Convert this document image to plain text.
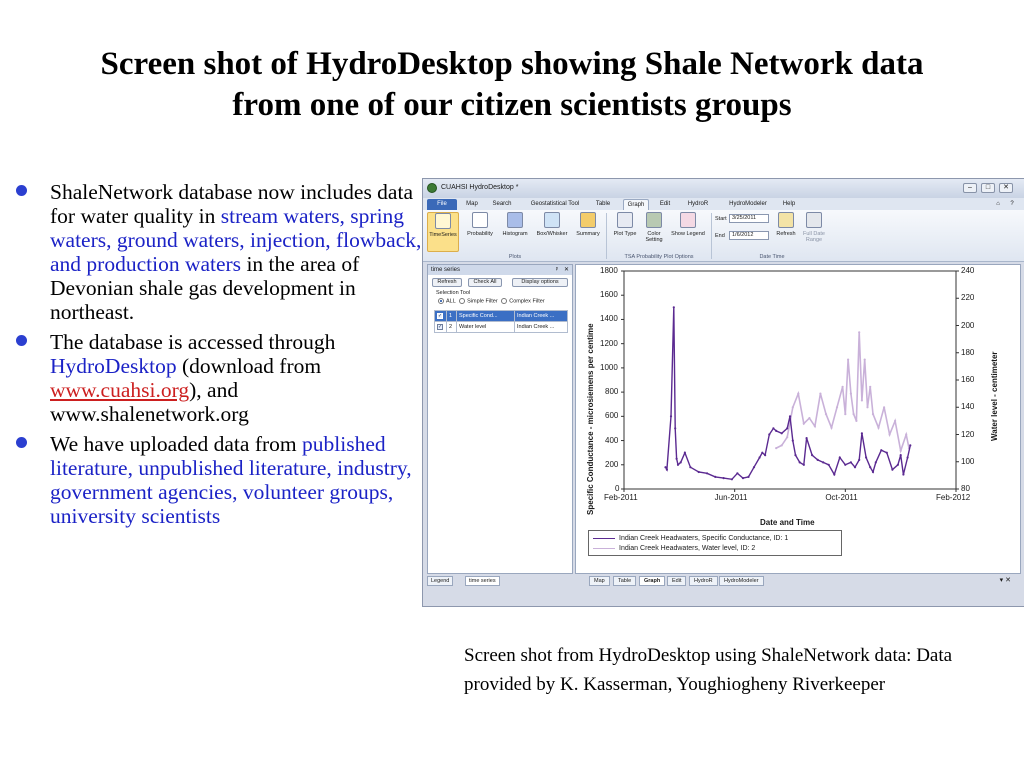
Screen shot of HydroDesktop showing Shale Network data
from one of our citizen scientists groups
ShaleNetwork database now includes data for water quality in stream waters, spring waters, ground waters, injection, flowback, and production waters in the area of Devonian shale gas development in northeast.
The database is accessed through HydroDesktop (download from www.cuahsi.org), and www.shalenetwork.org
We have uploaded data from published literature, unpublished literature, industry, government agencies, volunteer groups, university scientists
Screen shot from HydroDesktop using ShaleNetwork data: Data provided by K. Kasserman, Youghiogheny Riverkeeper
CUAHSI HydroDesktop *	–	□	✕
File	Map	Search	Geostatistical Tool	Table	Graph	Edit	HydroR	HydroModeler	Help	⌂	?
TimeSeries	Probability	Histogram	Box/Whisker	Summary
Plots
Plot Type	Color Setting
Show Legend
TSA Probability Plot Options
Start 3/25/2011
End	1/6/2012	Refresh	Full Date Range
Date Time
time series	ᵖ ✕
Refresh	Check All	Display options
Selection Tool
ALL Simple Filter Complex Filter
✓	1	Specific Cond...	Indian Creek ...
✓	2	Water level	Indian Creek ...
Legend	time series
Specific Conductance - microsiemens per centime	Water level - centimeter
1800
1600
1400
1200
1000
800
600
400
200
0
240
220
200
180
160
140
120
100
80
Feb-2011	Jun-2011	Oct-2011	Feb-2012
Date and Time
Indian Creek Headwaters, Specific Conductance, ID: 1
Indian Creek Headwaters, Water level, ID: 2
Map	Table	Graph	Edit	HydroR	HydroModeler	▾ ✕
